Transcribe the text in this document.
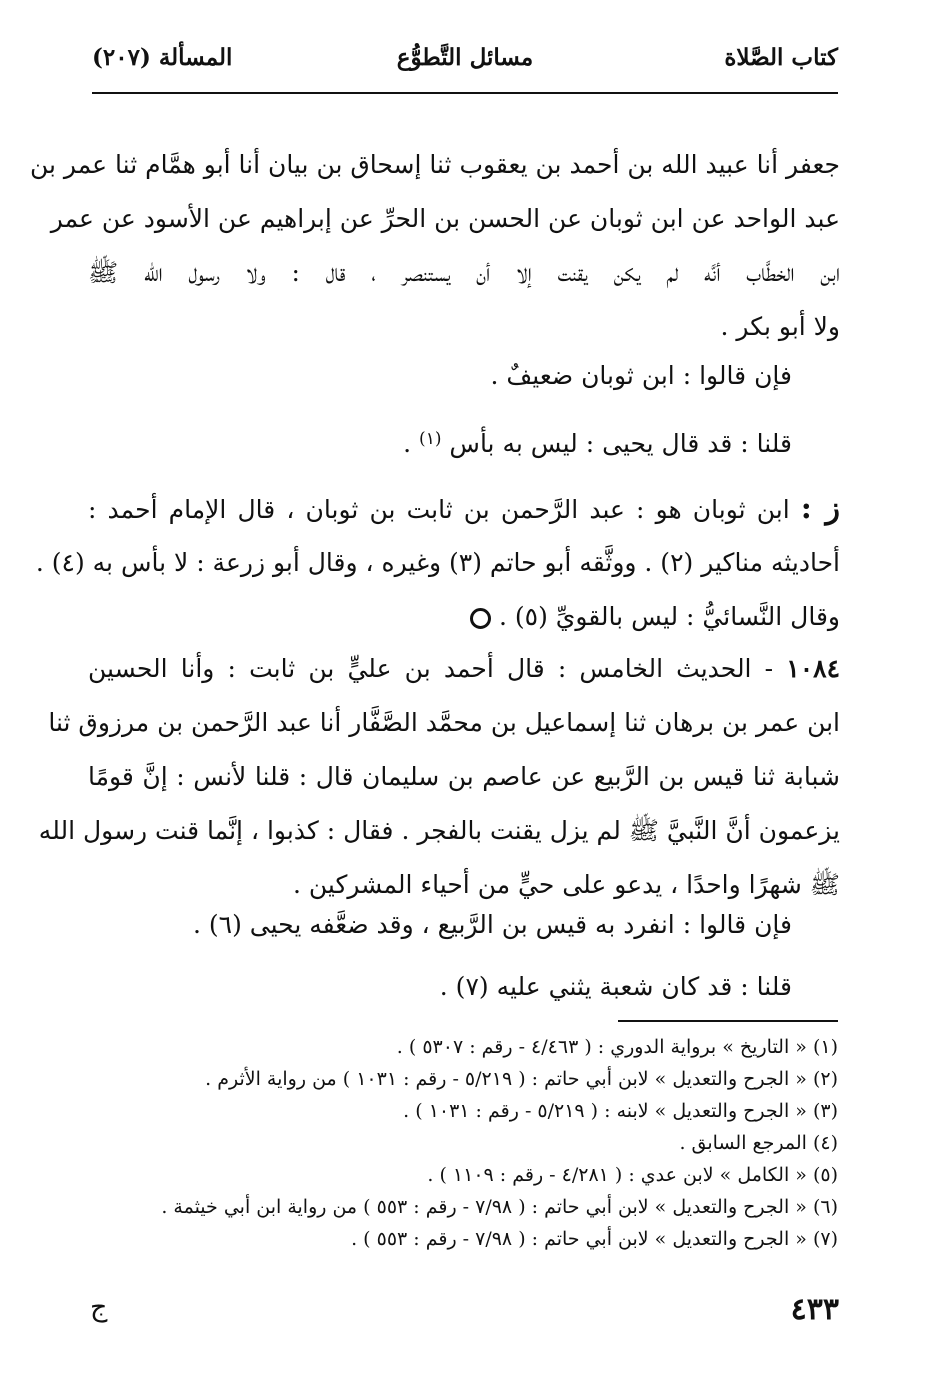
مسائل التَّطوُّع	كتاب الصَّلاة
المسألة (٢٠٧)

جعفر أنا عبيد الله بن أحمد بن يعقوب ثنا إسحاق بن بيان أنا أبو همَّام ثنا عمر بن

عبد الواحد عن ابن ثوبان عن الحسن بن الحرِّ عن إبراهيم عن الأسود عن عمر

ابن الخطَّاب أنَّه لم يكن يقنت إلا أن يستنصر ، قال : ولا رسول الله ﷺ

ولا أبو بكر .

فإن قالوا : ابن ثوبان ضعيفٌ .

قلنا : قد قال يحيى : ليس به بأس $^{(١)}$ .

ز : ابن ثوبان هو : عبد الرَّحمن بن ثابت بن ثوبان ، قال الإمام أحمد :

أحاديثه مناكير (٢) . ووثَّقه أبو حاتم (٣) وغيره ، وقال أبو زرعة : لا بأس به (٤) .

وقال النَّسائيُّ : ليس بالقويِّ (٥) .

١٠٨٤ - الحديث الخامس : قال أحمد بن عليٍّ بن ثابت : وأنا الحسين

ابن عمر بن برهان ثنا إسماعيل بن محمَّد الصَّفَّار أنا عبد الرَّحمن بن مرزوق ثنا

شبابة ثنا قيس بن الرَّبيع عن عاصم بن سليمان قال : قلنا لأنس : إنَّ قومًا

يزعمون أنَّ النَّبيَّ ﷺ لم يزل يقنت بالفجر . فقال : كذبوا ، إنَّما قنت رسول الله

ﷺ شهرًا واحدًا ، يدعو على حيٍّ من أحياء المشركين .

فإن قالوا : انفرد به قيس بن الرَّبيع ، وقد ضعَّفه يحيى (٦) .

قلنا : قد كان شعبة يثني عليه (٧) .

(١) « التاريخ » برواية الدوري : ( ٤/٤٦٣ - رقم : ٥٣٠٧ ) .
(٢) « الجرح والتعديل » لابن أبي حاتم : ( ٥/٢١٩ - رقم : ١٠٣١ ) من رواية الأثرم .
(٣) « الجرح والتعديل » لابنه : ( ٥/٢١٩ - رقم : ١٠٣١ ) .
(٤) المرجع السابق .
(٥) « الكامل » لابن عدي : ( ٤/٢٨١ - رقم : ١١٠٩ ) .
(٦) « الجرح والتعديل » لابن أبي حاتم : ( ٧/٩٨ - رقم : ٥٥٣ ) من رواية ابن أبي خيثمة .
(٧) « الجرح والتعديل » لابن أبي حاتم : ( ٧/٩٨ - رقم : ٥٥٣ ) .
٤٣٣
ج
